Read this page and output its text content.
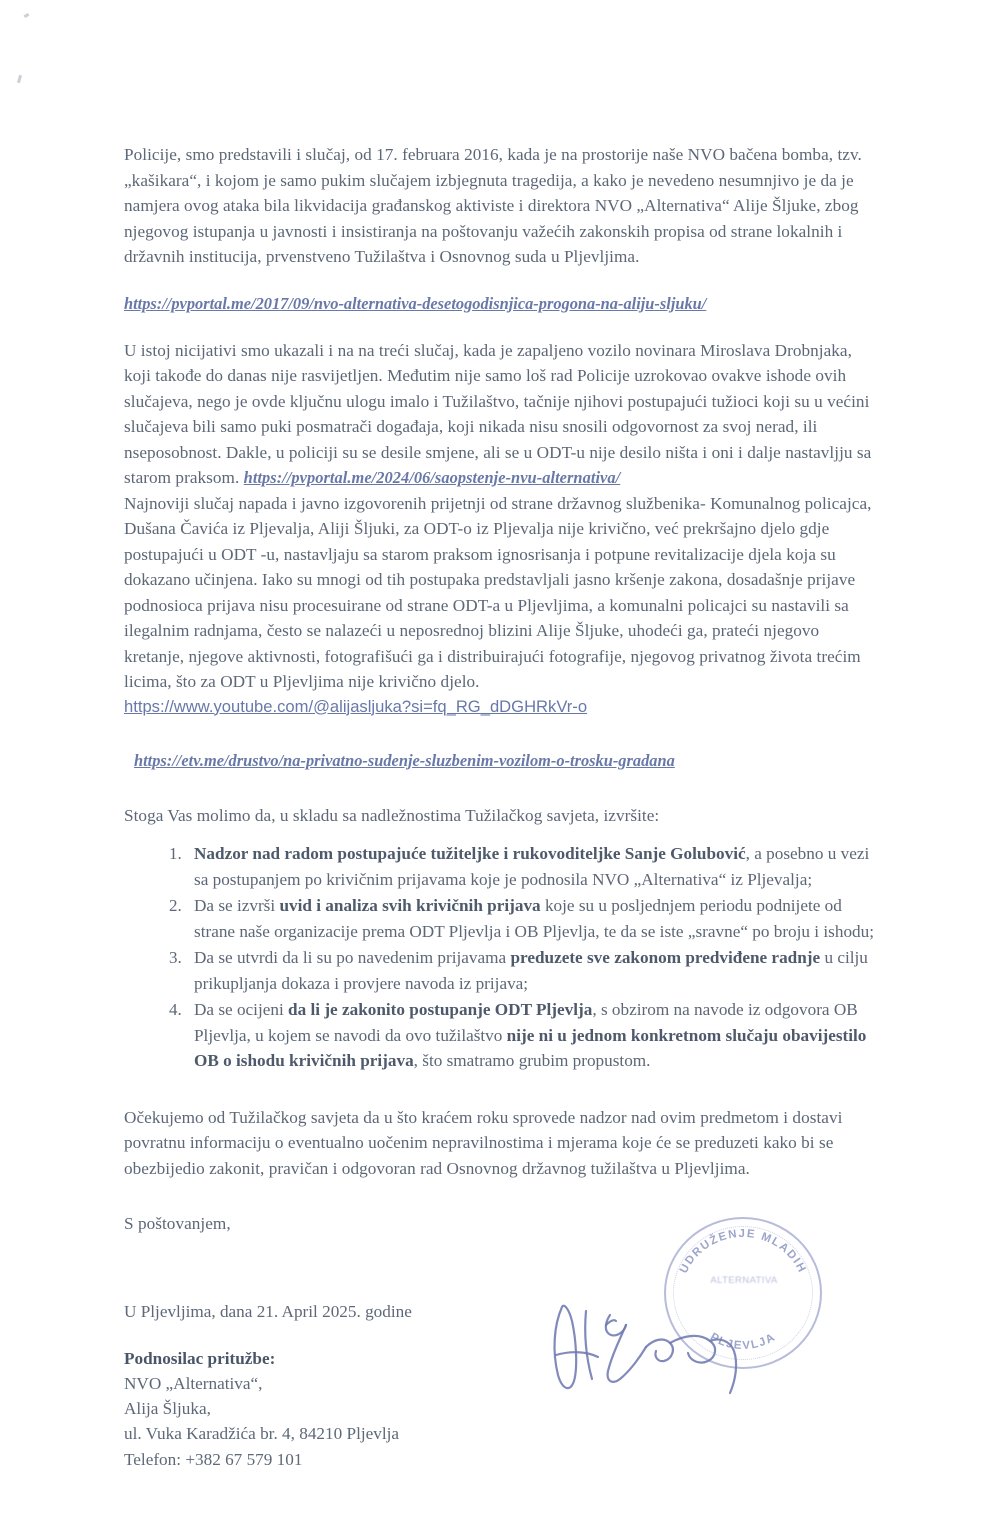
Policije, smo predstavili i slučaj, od 17. februara 2016, kada je na prostorije naše NVO bačena bomba, tzv. „kašikara“, i kojom je samo pukim slučajem izbjegnuta tragedija, a kako je nevedeno nesumnjivo je da je namjera ovog ataka bila likvidacija građanskog aktiviste i direktora NVO „Alternativa“ Alije Šljuke, zbog njegovog istupanja u javnosti i insistiranja na poštovanju važećih zakonskih propisa od strane lokalnih i državnih institucija, prvenstveno Tužilaštva i Osnovnog suda u Pljevljima.

https://pvportal.me/2017/09/nvo-alternativa-desetogodisnjica-progona-na-aliju-sljuku/

U istoj nicijativi smo ukazali i na na treći slučaj, kada je zapaljeno vozilo novinara Miroslava Drobnjaka, koji takođe do danas nije rasvijetljen. Međutim nije samo loš rad Policije uzrokovao ovakve ishode ovih slučajeva, nego je ovde ključnu ulogu imalo i Tužilaštvo, tačnije njihovi postupajući tužioci koji su u većini slučajeva bili samo puki posmatrači događaja, koji nikada nisu snosili odgovornost za svoj nerad, ili nseposobnost. Dakle, u policiji su se desile smjene, ali se u ODT-u nije desilo ništa i oni i dalje nastavljju sa starom praksom. https://pvportal.me/2024/06/saopstenje-nvu-alternativa/

Najnoviji slučaj napada i javno izgovorenih prijetnji od strane državnog službenika- Komunalnog policajca, Dušana Čavića iz Pljevalja, Aliji Šljuki, za ODT-o iz Pljevalja nije krivično, već prekršajno djelo gdje postupajući u ODT -u, nastavljaju sa starom praksom ignosrisanja i potpune revitalizacije djela koja su dokazano učinjena. Iako su mnogi od tih postupaka predstavljali jasno kršenje zakona, dosadašnje prijave podnosioca prijava nisu procesuirane od strane ODT-a u Pljevljima, a komunalni policajci su nastavili sa ilegalnim radnjama, često se nalazeći u neposrednoj blizini Alije Šljuke, uhodeći ga, prateći njegovo kretanje, njegove aktivnosti, fotografišući ga i distribuirajući fotografije, njegovog privatnog života trećim licima, što za ODT u Pljevljima nije krivično djelo.

https://www.youtube.com/@alijasljuka?si=fq_RG_dDGHRkVr-o
https://etv.me/drustvo/na-privatno-sudenje-sluzbenim-vozilom-o-trosku-gradana

Stoga Vas molimo da, u skladu sa nadležnostima Tužilačkog savjeta, izvršite:

1. Nadzor nad radom postupajuće tužiteljke i rukovoditeljke Sanje Golubović, a posebno u vezi sa postupanjem po krivičnim prijavama koje je podnosila NVO „Alternativa“ iz Pljevalja;
2. Da se izvrši uvid i analiza svih krivičnih prijava koje su u posljednjem periodu podnijete od strane naše organizacije prema ODT Pljevlja i OB Pljevlja, te da se iste „sravne“ po broju i ishodu;
3. Da se utvrdi da li su po navedenim prijavama preduzete sve zakonom predviđene radnje u cilju prikupljanja dokaza i provjere navoda iz prijava;
4. Da se ocijeni da li je zakonito postupanje ODT Pljevlja, s obzirom na navode iz odgovora OB Pljevlja, u kojem se navodi da ovo tužilaštvo nije ni u jednom konkretnom slučaju obavijestilo OB o ishodu krivičnih prijava, što smatramo grubim propustom.

Očekujemo od Tužilačkog savjeta da u što kraćem roku sprovede nadzor nad ovim predmetom i dostavi povratnu informaciju o eventualno uočenim nepravilnostima i mjerama koje će se preduzeti kako bi se obezbijedio zakonit, pravičan i odgovoran rad Osnovnog državnog tužilaštva u Pljevljima.

S poštovanjem,

U Pljevljima, dana 21. April 2025. godine
Podnosilac pritužbe:
NVO „Alternativa“,
Alija Šljuka,
ul. Vuka Karadžića br. 4, 84210 Pljevlja
Telefon: +382 67 579 101
UDRUŽENJE MLADIH
PLJEVLJA
ALTERNATIVA
